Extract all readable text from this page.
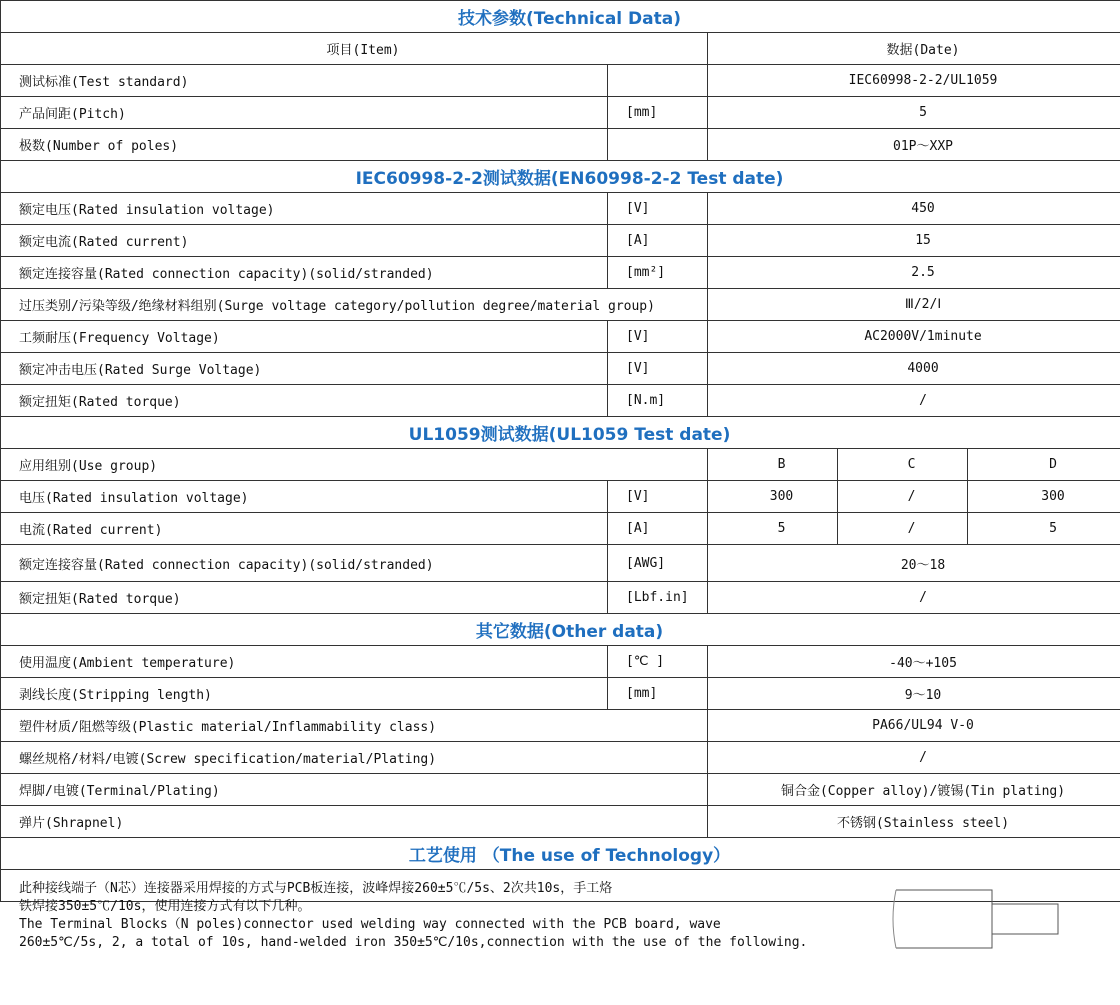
技术参数(Technical Data)				
项目(Item)		数据(Date)		
测试标准(Test standard)		IEC60998-2-2/UL1059		
产品间距(Pitch)	[mm]	5		
极数(Number of poles)		01P～XXP		
IEC60998-2-2测试数据(EN60998-2-2 Test date)				
额定电压(Rated insulation voltage)	[V]	450		
额定电流(Rated current)	[A]	15		
额定连接容量(Rated connection capacity)(solid/stranded)	[mm²]	2.5		
过压类别/污染等级/绝缘材料组别(Surge voltage category/pollution degree/material group)		Ⅲ/2/Ⅰ		
工频耐压(Frequency Voltage)	[V]	AC2000V/1minute		
额定冲击电压(Rated Surge Voltage)	[V]	4000		
额定扭矩(Rated torque)	[N.m]	/		
UL1059测试数据(UL1059 Test date)				
应用组别(Use group)		B	C	D
电压(Rated insulation voltage)	[V]	300	/	300
电流(Rated current)	[A]	5	/	5
额定连接容量(Rated connection capacity)(solid/stranded)	[AWG]	20～18		
额定扭矩(Rated torque)	[Lbf.in]	/		
其它数据(Other data)				
使用温度(Ambient temperature)	[℃ ]	-40～+105		
剥线长度(Stripping length)	[mm]	9～10		
塑件材质/阻燃等级(Plastic material/Inflammability class)		PA66/UL94 V-0		
螺丝规格/材料/电镀(Screw specification/material/Plating)		/		
焊脚/电镀(Terminal/Plating)		铜合金(Copper alloy)/镀锡(Tin plating)		
弹片(Shrapnel)		不锈钢(Stainless steel)		
工艺使用 （The use of Technology）				

此种接线端子（N芯）连接器采用焊接的方式与PCB板连接，波峰焊接260±5℃/5s、2次共10s，手工烙
铁焊接350±5℃/10s，使用连接方式有以下几种。
The Terminal Blocks（N poles)connector used welding way connected with the PCB board, wave
260±5℃/5s, 2, a total of 10s, hand-welded iron 350±5℃/10s,connection with the use of the following.				
